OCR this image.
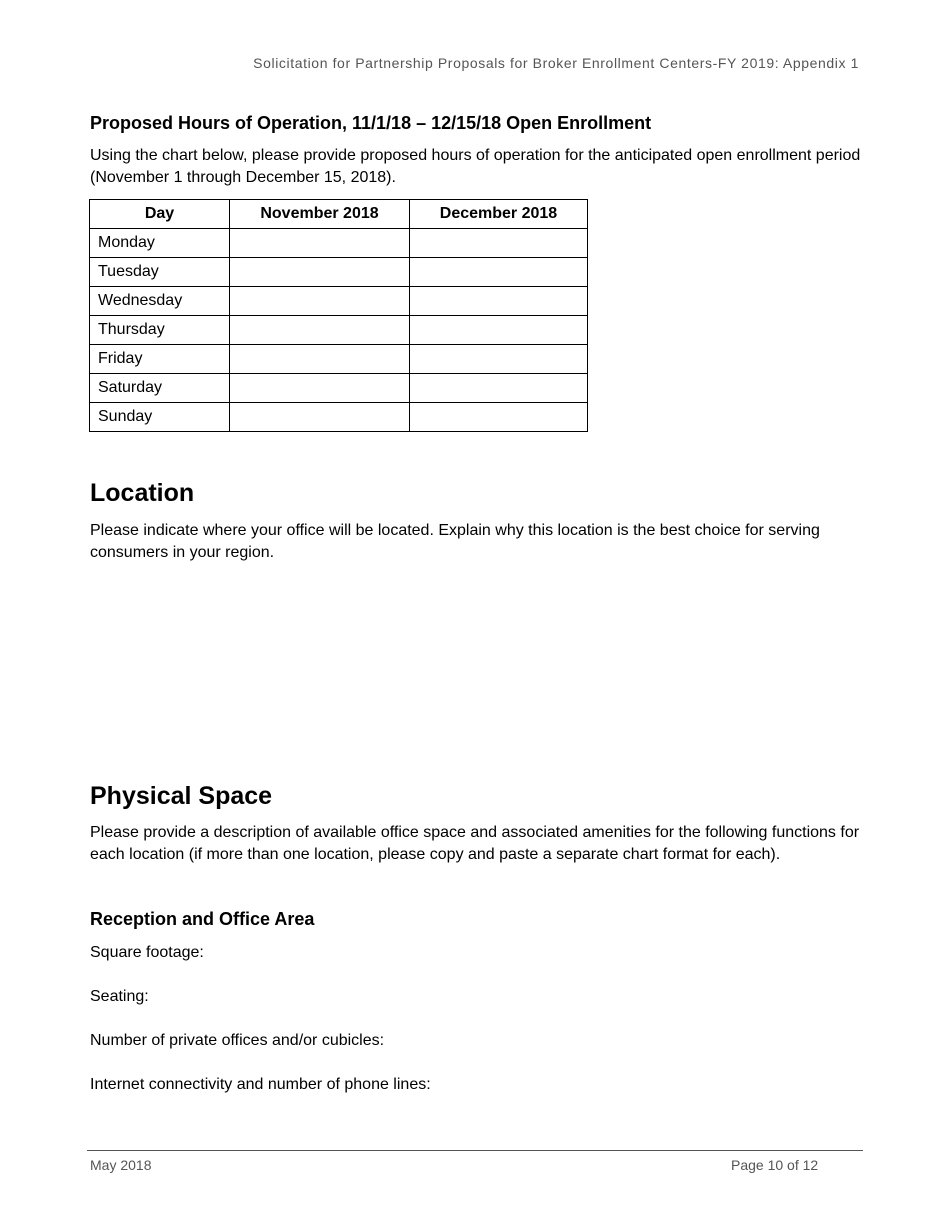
Solicitation for Partnership Proposals for Broker Enrollment Centers-FY 2019: Appendix 1
Proposed Hours of Operation, 11/1/18 – 12/15/18 Open Enrollment

Using the chart below, please provide proposed hours of operation for the anticipated open enrollment period (November 1 through December 15, 2018).

Day	November 2018	December 2018
Monday		
Tuesday		
Wednesday		
Thursday		
Friday		
Saturday		
Sunday		
Location

Please indicate where your office will be located. Explain why this location is the best choice for serving consumers in your region.

Physical Space

Please provide a description of available office space and associated amenities for the following functions for each location (if more than one location, please copy and paste a separate chart format for each).

Reception and Office Area

Square footage:

Seating:

Number of private offices and/or cubicles:

Internet connectivity and number of phone lines:

May 2018	Page 10 of 12
